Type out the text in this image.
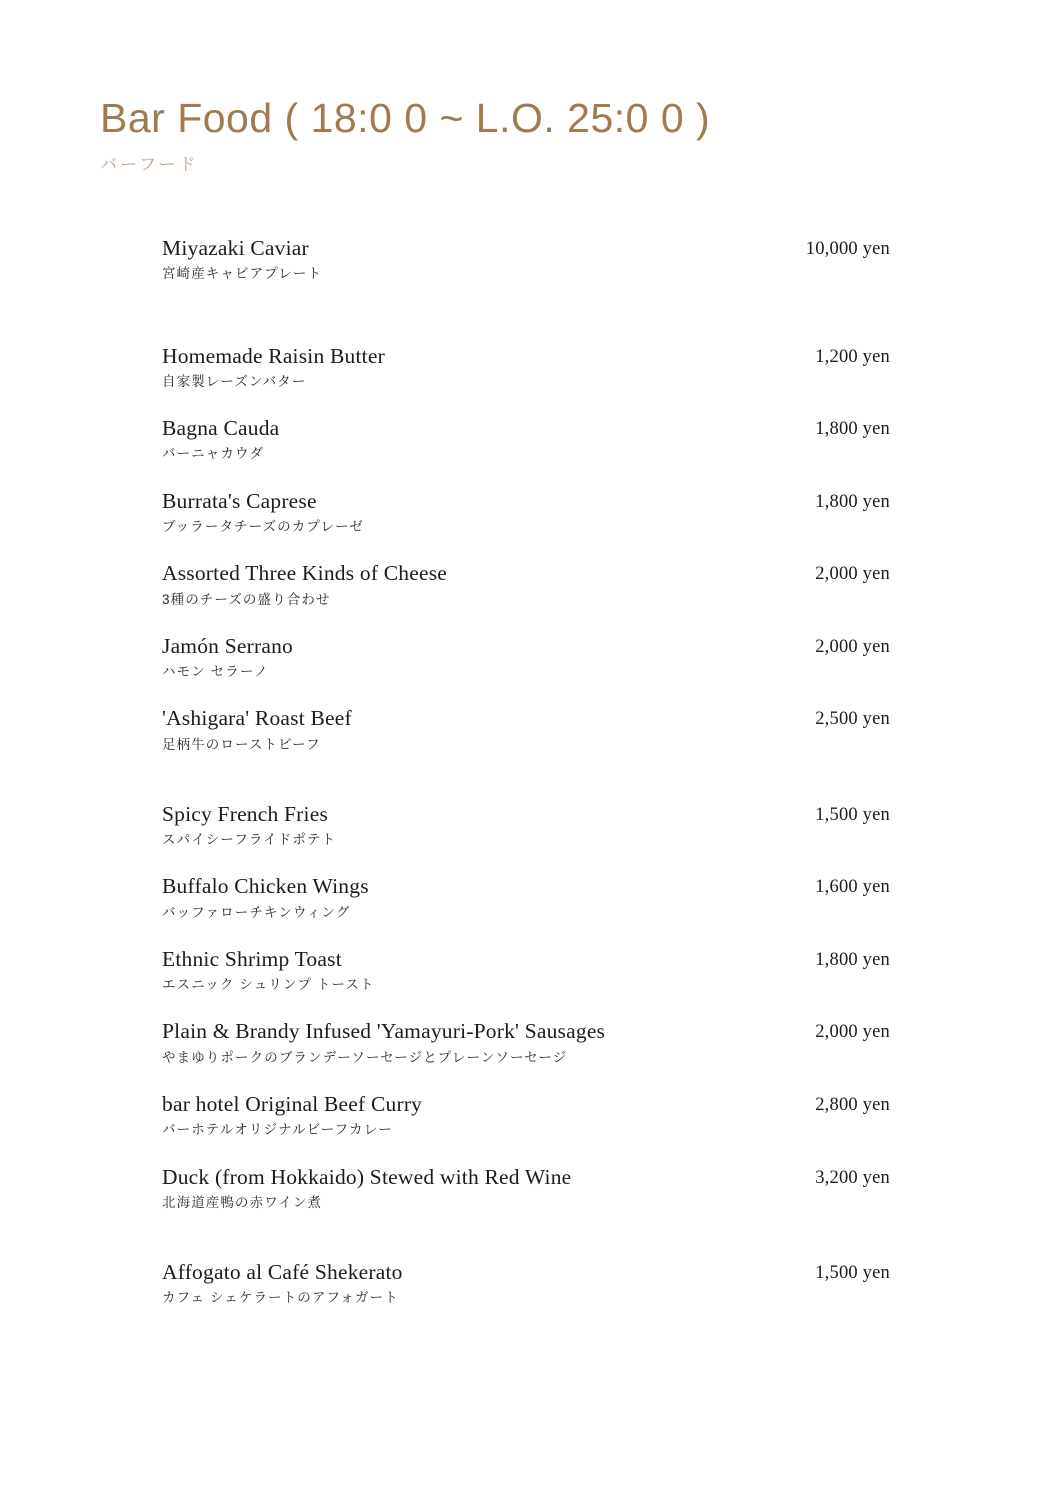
Bar Food ( 18:0 0 ~ L.O. 25:0 0 )
バーフード
Miyazaki Caviar
宮崎産キャビアプレート
10,000 yen
Homemade Raisin Butter
自家製レーズンバター
1,200 yen
Bagna Cauda
バーニャカウダ
1,800 yen
Burrata's Caprese
ブッラータチーズのカプレーゼ
1,800 yen
Assorted Three Kinds of Cheese
3種のチーズの盛り合わせ
2,000 yen
Jamón Serrano
ハモン セラーノ
2,000 yen
'Ashigara' Roast Beef
足柄牛のローストビーフ
2,500 yen
Spicy French Fries
スパイシーフライドポテト
1,500 yen
Buffalo Chicken Wings
バッファローチキンウィング
1,600 yen
Ethnic Shrimp Toast
エスニック シュリンプ トースト
1,800 yen
Plain & Brandy Infused 'Yamayuri-Pork' Sausages
やまゆりポークのブランデーソーセージとプレーンソーセージ
2,000 yen
bar hotel Original Beef Curry
バーホテルオリジナルビーフカレー
2,800 yen
Duck (from Hokkaido) Stewed with Red Wine
北海道産鴨の赤ワイン煮
3,200 yen
Affogato al Café Shekerato
カフェ シェケラートのアフォガート
1,500 yen
